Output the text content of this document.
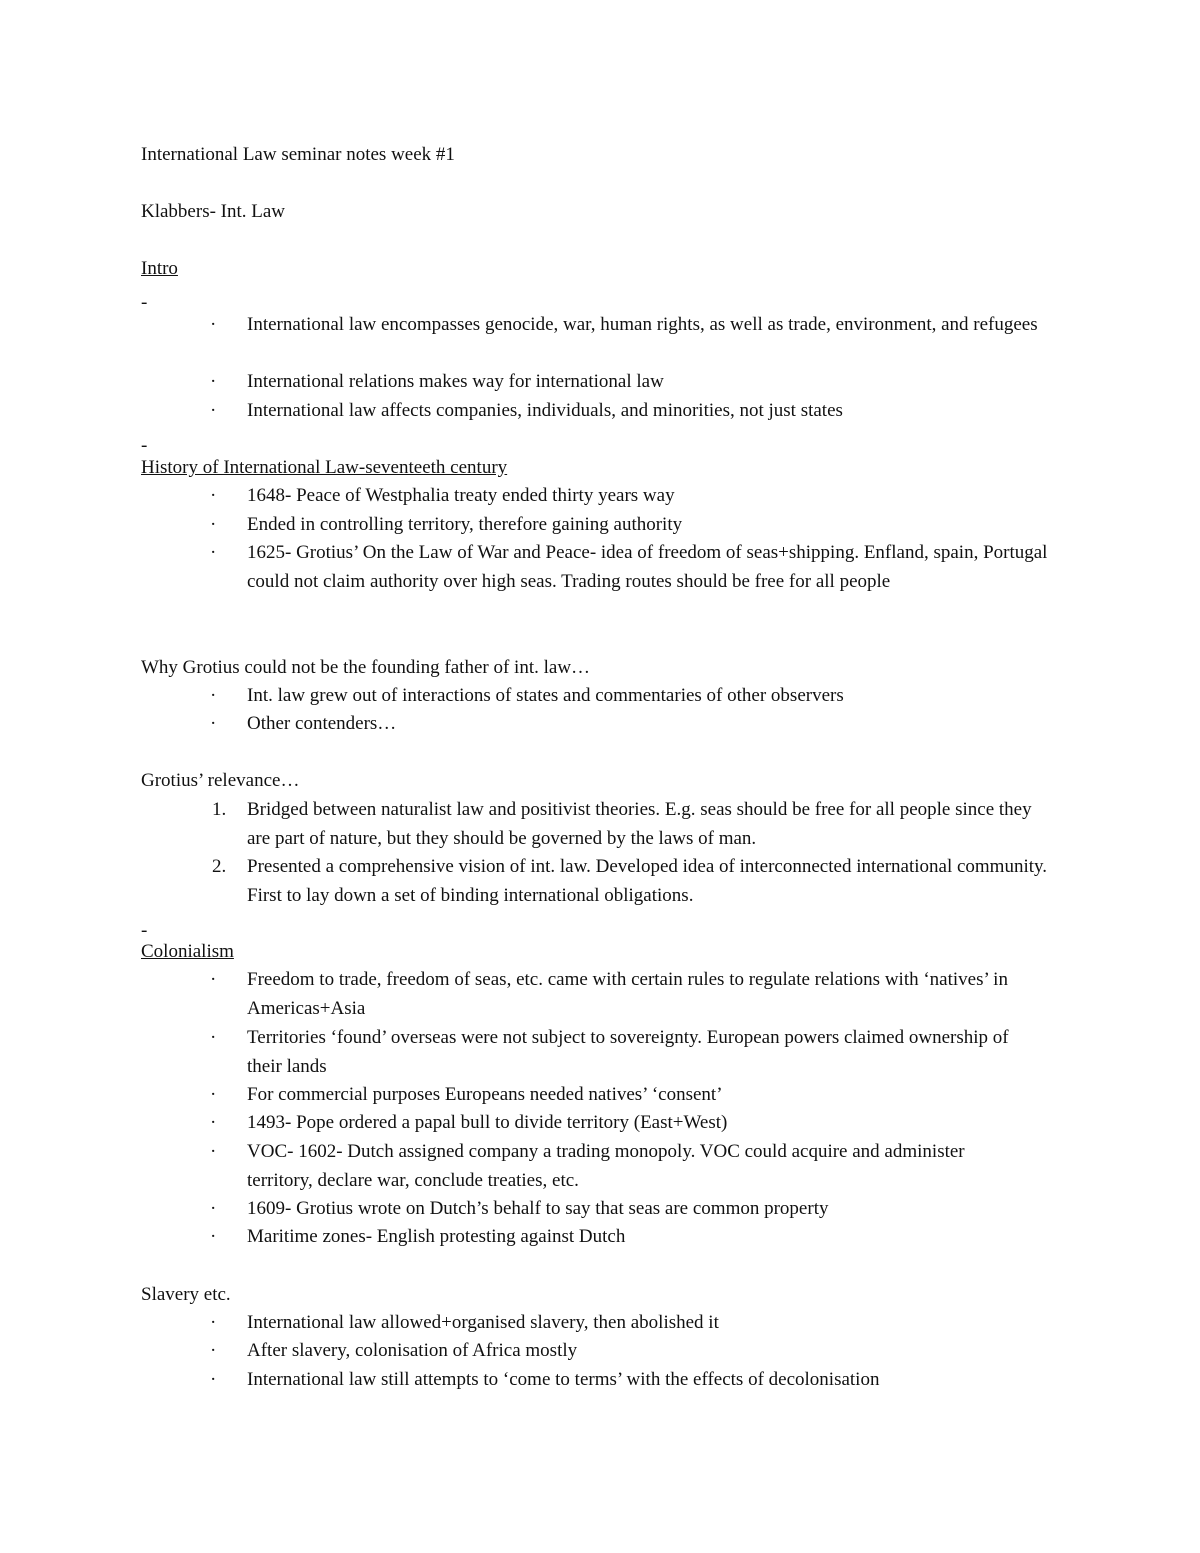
International Law seminar notes week #1
Klabbers- Int. Law
Intro
-
·	International law encompasses genocide, war, human rights, as well as trade, environment, and refugees
·	International relations makes way for international law
·	International law affects companies, individuals, and minorities, not just states
-
History of International Law-seventeeth century
·	1648- Peace of Westphalia treaty ended thirty years way
·	Ended in controlling territory, therefore gaining authority
·	1625- Grotius’ On the Law of War and Peace- idea of freedom of seas+shipping. Enfland, spain, Portugal could not claim authority over high seas. Trading routes should be free for all people
Why Grotius could not be the founding father of int. law…
·	Int. law grew out of interactions of states and commentaries of other observers
·	Other contenders…
Grotius’ relevance…
1.	Bridged between naturalist law and positivist theories. E.g. seas should be free for all people since they are part of nature, but they should be governed by the laws of man.
2.	Presented a comprehensive vision of int. law. Developed idea of interconnected international community. First to lay down a set of binding international obligations.
-
Colonialism
·	Freedom to trade, freedom of seas, etc. came with certain rules to regulate relations with ‘natives’ in Americas+Asia
·	Territories ‘found’ overseas were not subject to sovereignty. European powers claimed ownership of their lands
·	For commercial purposes Europeans needed natives’ ‘consent’
·	1493- Pope ordered a papal bull to divide territory (East+West)
·	VOC- 1602- Dutch assigned company a trading monopoly. VOC could acquire and administer territory, declare war, conclude treaties, etc.
·	1609- Grotius wrote on Dutch’s behalf to say that seas are common property
·	Maritime zones- English protesting against Dutch
Slavery etc.
·	International law allowed+organised slavery, then abolished it
·	After slavery, colonisation of Africa mostly
·	International law still attempts to ‘come to terms’ with the effects of decolonisation
